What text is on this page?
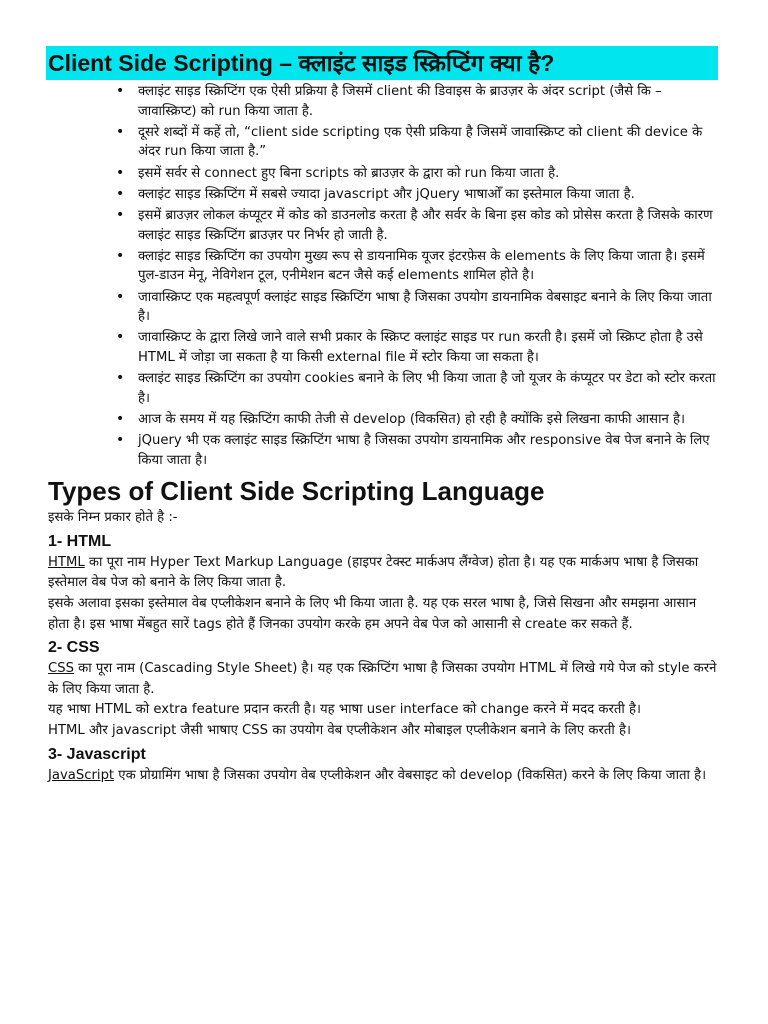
Client Side Scripting – क्लाइंट साइड स्क्रिप्टिंग क्या है?
• क्लाइंट साइड स्क्रिप्टिंग एक ऐसी प्रक्रिया है जिसमें client की डिवाइस के ब्राउज़र के अंदर script (जैसे कि – जावास्क्रिप्ट) को run किया जाता है.
• दूसरे शब्दों में कहें तो, “client side scripting एक ऐसी प्रकिया है जिसमें जावास्क्रिप्ट को client की device के अंदर run किया जाता है.”
• इसमें सर्वर से connect हुए बिना scripts को ब्राउज़र के द्वारा को run किया जाता है.
• क्लाइंट साइड स्क्रिप्टिंग में सबसे ज्यादा javascript और jQuery भाषाओँ का इस्तेमाल किया जाता है.
• इसमें ब्राउज़र लोकल कंप्यूटर में कोड को डाउनलोड करता है और सर्वर के बिना इस कोड को प्रोसेस करता है जिसके कारण क्लाइंट साइड स्क्रिप्टिंग ब्राउज़र पर निर्भर हो जाती है.
• क्लाइंट साइड स्क्रिप्टिंग का उपयोग मुख्य रूप से डायनामिक यूजर इंटरफ़ेस के elements के लिए किया जाता है। इसमें पुल-डाउन मेनू, नेविगेशन टूल, एनीमेशन बटन जैसे कई elements शामिल होते है।
• जावास्क्रिप्ट एक महत्वपूर्ण क्लाइंट साइड स्क्रिप्टिंग भाषा है जिसका उपयोग डायनामिक वेबसाइट बनाने के लिए किया जाता है।
• जावास्क्रिप्ट के द्वारा लिखे जाने वाले सभी प्रकार के स्क्रिप्ट क्लाइंट साइड पर run करती है। इसमें जो स्क्रिप्ट होता है उसे HTML में जोड़ा जा सकता है या किसी external file में स्टोर किया जा सकता है।
• क्लाइंट साइड स्क्रिप्टिंग का उपयोग cookies बनाने के लिए भी किया जाता है जो यूजर के कंप्यूटर पर डेटा को स्टोर करता है।
• आज के समय में यह स्क्रिप्टिंग काफी तेजी से develop (विकसित) हो रही है क्योंकि इसे लिखना काफी आसान है।
• jQuery भी एक क्लाइंट साइड स्क्रिप्टिंग भाषा है जिसका उपयोग डायनामिक और responsive वेब पेज बनाने के लिए किया जाता है।
Types of Client Side Scripting Language
इसके निम्न प्रकार होते है :-
1- HTML
HTML का पूरा नाम Hyper Text Markup Language (हाइपर टेक्स्ट मार्कअप लैंग्वेज) होता है। यह एक मार्कअप भाषा है जिसका इस्तेमाल वेब पेज को बनाने के लिए किया जाता है.
इसके अलावा इसका इस्तेमाल वेब एप्लीकेशन बनाने के लिए भी किया जाता है. यह एक सरल भाषा है, जिसे सिखना और समझना आसान होता है। इस भाषा मेंबहुत सारें tags होते हैं जिनका उपयोग करके हम अपने वेब पेज को आसानी से create कर सकते हैं.
2- CSS
CSS का पूरा नाम (Cascading Style Sheet) है। यह एक स्क्रिप्टिंग भाषा है जिसका उपयोग HTML में लिखे गये पेज को style करने के लिए किया जाता है.
यह भाषा HTML को extra feature प्रदान करती है। यह भाषा user interface को change करने में मदद करती है।
HTML और javascript जैसी भाषाए CSS का उपयोग वेब एप्लीकेशन और मोबाइल एप्लीकेशन बनाने के लिए करती है।
3- Javascript
JavaScript एक प्रोग्रामिंग भाषा है जिसका उपयोग वेब एप्लीकेशन और वेबसाइट को develop (विकसित) करने के लिए किया जाता है।
